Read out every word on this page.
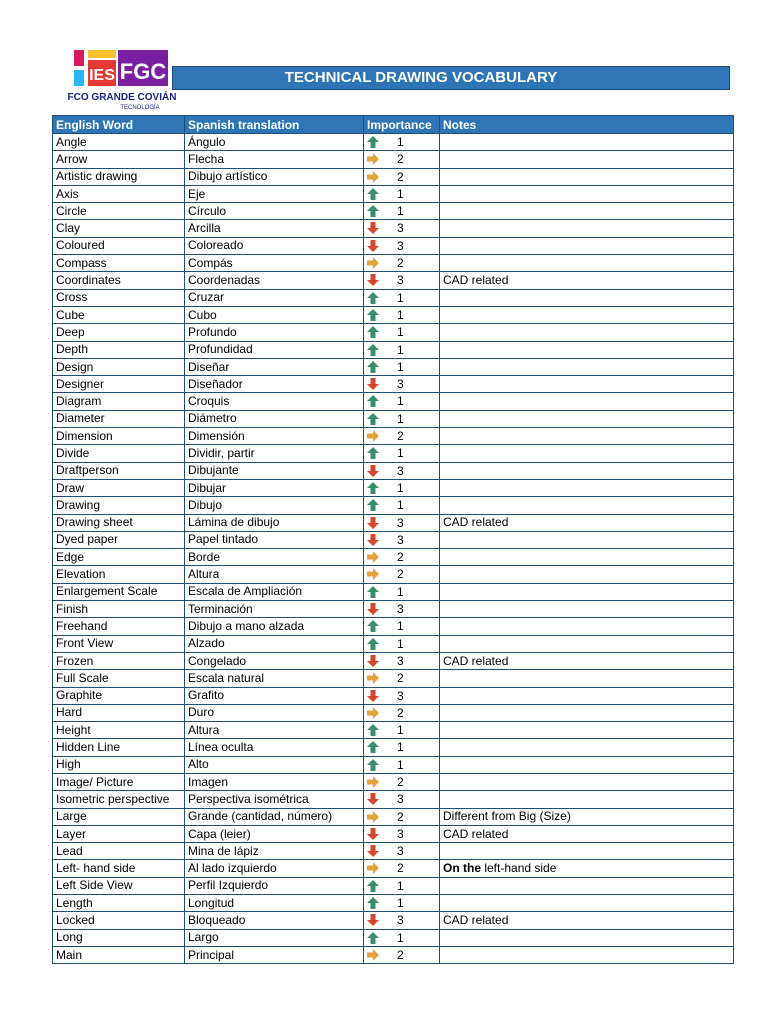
IES FGC
FCO GRANDE COVIÁN
TECNOLOGÍA
TECHNICAL DRAWING VOCABULARY
English Word	Spanish translation	Importance	Notes
Angle	Ángulo	1	

Arrow	Flecha	2	

Artistic drawing	Dibujo artístico	2	

Axis	Eje	1	

Circle	Círculo	1	

Clay	Arcilla	3	

Coloured	Coloreado	3	

Compass	Compás	2	

Coordinates	Coordenadas	3	CAD related
Cross	Cruzar	1	

Cube	Cubo	1	

Deep	Profundo	1	

Depth	Profundidad	1	

Design	Diseñar	1	

Designer	Diseñador	3	

Diagram	Croquis	1	

Diameter	Diámetro	1	

Dimension	Dimensión	2	

Divide	Dividir, partir	1	

Draftperson	Dibujante	3	

Draw	Dibujar	1	

Drawing	Dibujo	1	

Drawing sheet	Lámina de dibujo	3	CAD related
Dyed paper	Papel tintado	3	

Edge	Borde	2	

Elevation	Altura	2	

Enlargement Scale	Escala de Ampliación	1	

Finish	Terminación	3	

Freehand	Dibujo a mano alzada	1	

Front View	Alzado	1	

Frozen	Congelado	3	CAD related
Full Scale	Escala natural	2	

Graphite	Grafito	3	

Hard	Duro	2	

Height	Altura	1	

Hidden Line	Línea oculta	1	

High	Alto	1	

Image/ Picture	Imagen	2	

Isometric perspective	Perspectiva isométrica	3	

Large	Grande (cantidad, número)	2	Different from Big (Size)
Layer	Capa (leier)	3	CAD related
Lead	Mina de lápiz	3	

Left- hand side	Al lado izquierdo	2	On the left-hand side
Left Side View	Perfil Izquierdo	1	

Length	Longitud	1	

Locked	Bloqueado	3	CAD related
Long	Largo	1	

Main	Principal	2	
